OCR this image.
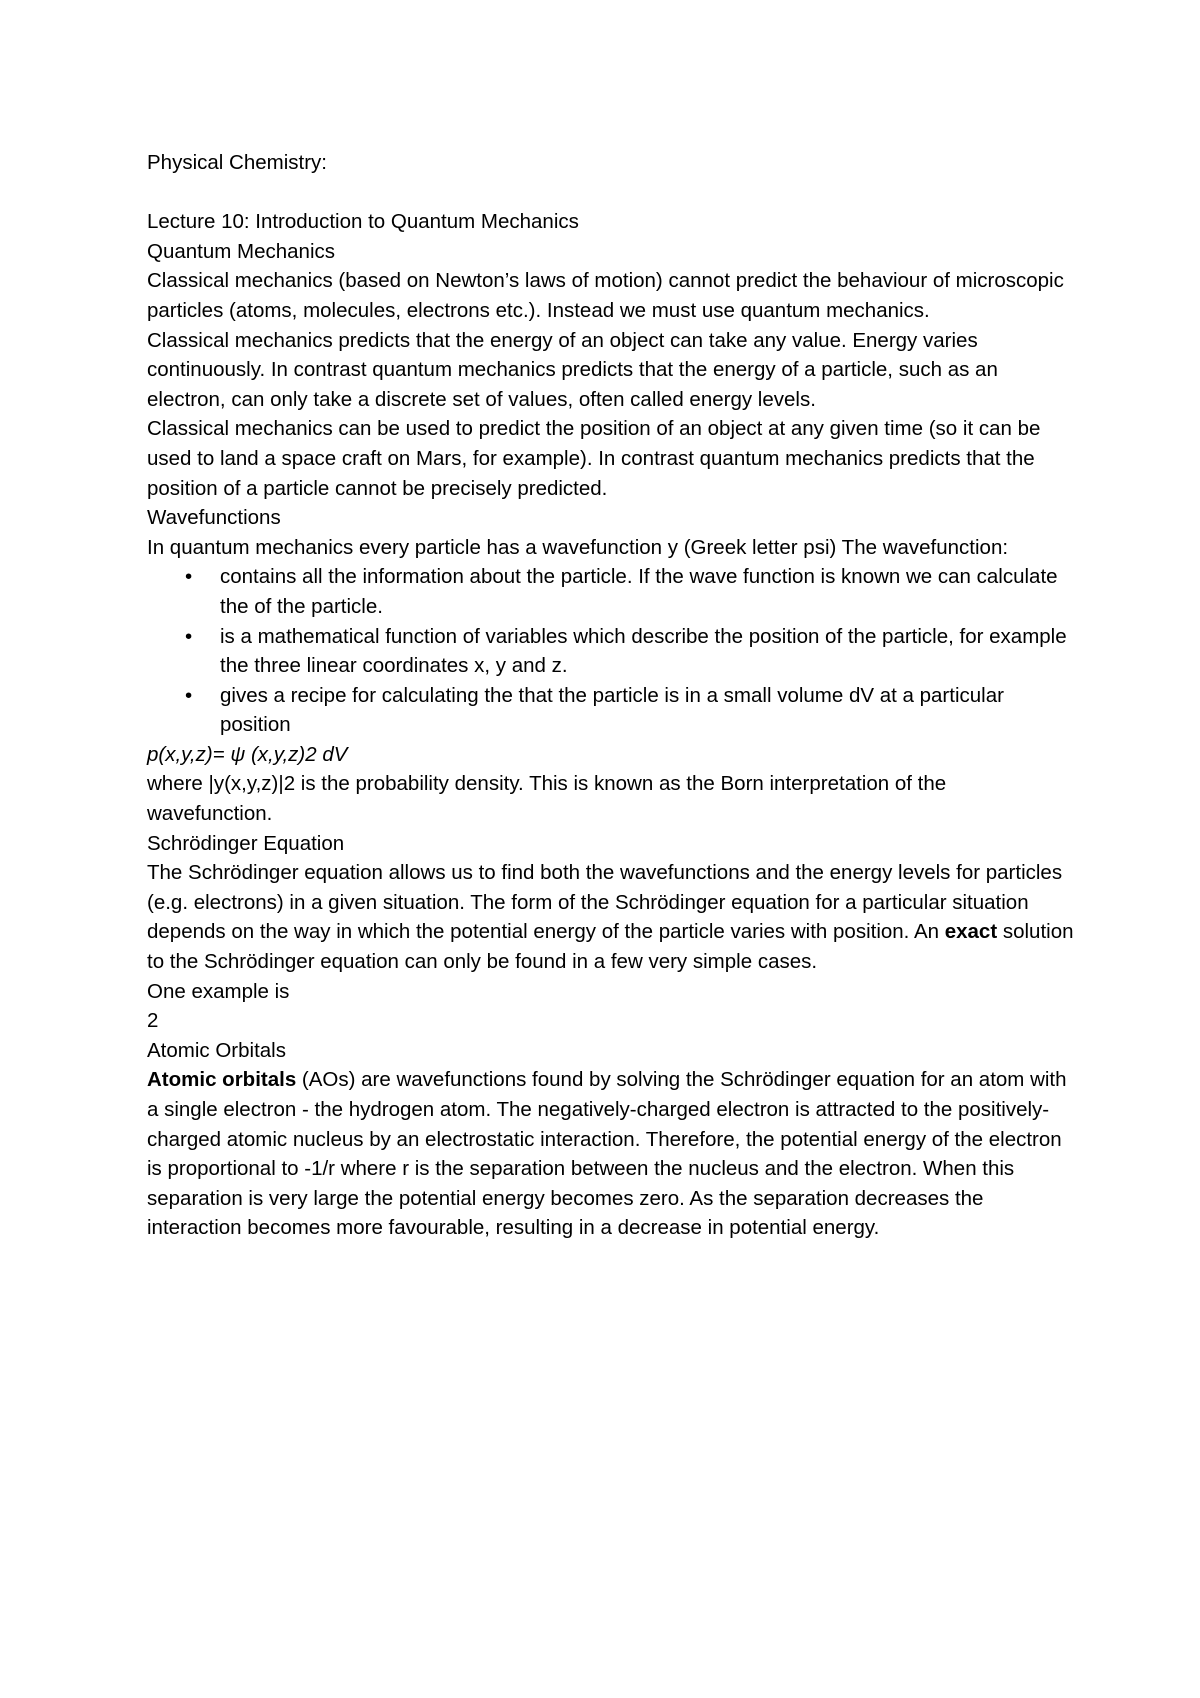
Physical Chemistry:

Lecture 10: Introduction to Quantum Mechanics

Quantum Mechanics

Classical mechanics (based on Newton’s laws of motion) cannot predict the behaviour of microscopic particles (atoms, molecules, electrons etc.). Instead we must use quantum mechanics.

Classical mechanics predicts that the energy of an object can take any value. Energy varies continuously. In contrast quantum mechanics predicts that the energy of a particle, such as an electron, can only take a discrete set of values, often called energy levels.

Classical mechanics can be used to predict the position of an object at any given time (so it can be used to land a space craft on Mars, for example). In contrast quantum mechanics predicts that the position of a particle cannot be precisely predicted.

Wavefunctions

In quantum mechanics every particle has a wavefunction y (Greek letter psi) The wavefunction:

• contains all the information about the particle. If the wave function is known we can calculate the of the particle.
• is a mathematical function of variables which describe the position of the particle, for example the three linear coordinates x, y and z.
• gives a recipe for calculating the that the particle is in a small volume dV at a particular position

p(x,y,z)= ψ (x,y,z)2 dV

where |y(x,y,z)|2 is the probability density. This is known as the Born interpretation of the wavefunction.

Schrödinger Equation

The Schrödinger equation allows us to find both the wavefunctions and the energy levels for particles (e.g. electrons) in a given situation. The form of the Schrödinger equation for a particular situation depends on the way in which the potential energy of the particle varies with position. An exact solution to the Schrödinger equation can only be found in a few very simple cases.

One example is

2

Atomic Orbitals

Atomic orbitals (AOs) are wavefunctions found by solving the Schrödinger equation for an atom with a single electron - the hydrogen atom. The negatively-charged electron is attracted to the positively-charged atomic nucleus by an electrostatic interaction. Therefore, the potential energy of the electron is proportional to -1/r where r is the separation between the nucleus and the electron. When this separation is very large the potential energy becomes zero. As the separation decreases the interaction becomes more favourable, resulting in a decrease in potential energy.
